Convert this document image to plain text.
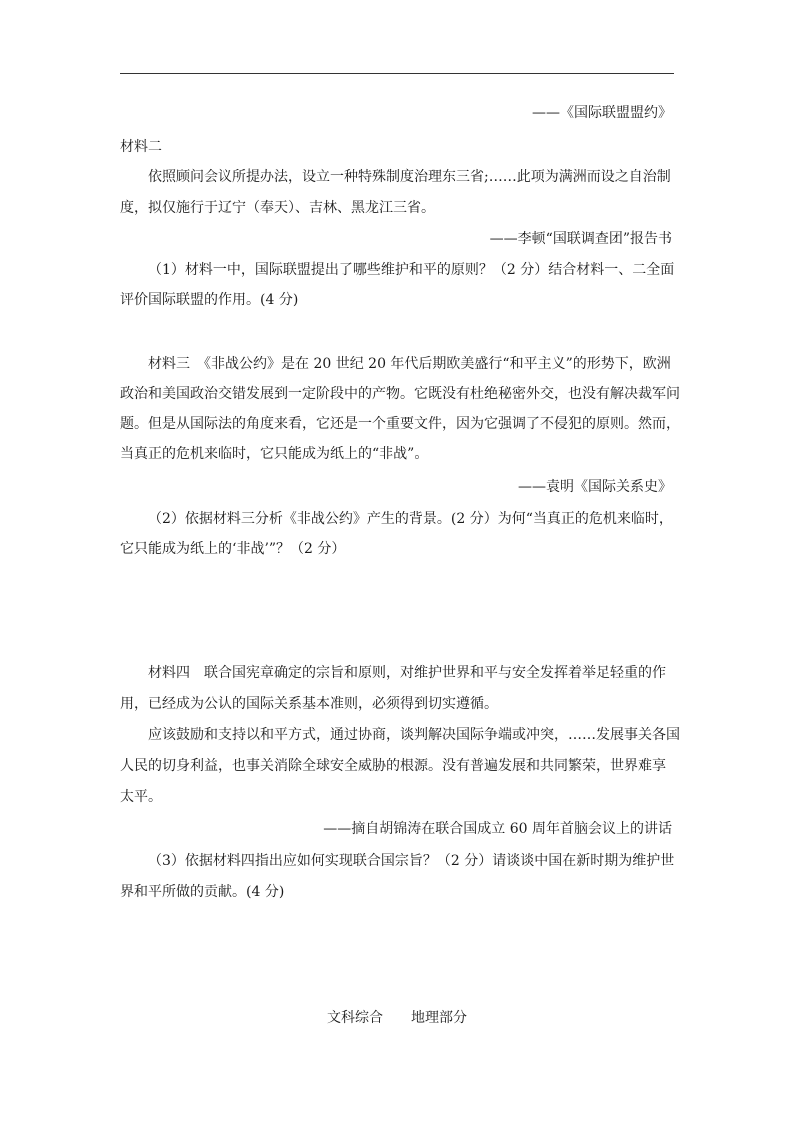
——《国际联盟盟约》
材料二
依照顾问会议所提办法，设立一种特殊制度治理东三省;……此项为满洲而设之自治制
度，拟仅施行于辽宁（奉天）、吉林、黑龙江三省。
——李顿“国联调查团”报告书
（1）材料一中，国际联盟提出了哪些维护和平的原则？（2 分）结合材料一、二全面
评价国际联盟的作用。(4 分)
材料三　《非战公约》是在 20 世纪 20 年代后期欧美盛行“和平主义”的形势下，欧洲
政治和美国政治交错发展到一定阶段中的产物。它既没有杜绝秘密外交，也没有解决裁军问
题。但是从国际法的角度来看，它还是一个重要文件，因为它强调了不侵犯的原则。然而，
当真正的危机来临时，它只能成为纸上的“非战”。
——袁明《国际关系史》
（2）依据材料三分析《非战公约》产生的背景。(2 分）为何“当真正的危机来临时，
它只能成为纸上的‘非战’”？（2 分）
材料四　联合国宪章确定的宗旨和原则，对维护世界和平与安全发挥着举足轻重的作
用，已经成为公认的国际关系基本准则，必须得到切实遵循。
应该鼓励和支持以和平方式，通过协商，谈判解决国际争端或冲突，……发展事关各国
人民的切身利益，也事关消除全球安全威胁的根源。没有普遍发展和共同繁荣，世界难享
太平。
——摘自胡锦涛在联合国成立 60 周年首脑会议上的讲话
（3）依据材料四指出应如何实现联合国宗旨？（2 分）请谈谈中国在新时期为维护世
界和平所做的贡献。(4 分)
文科综合 地理部分
